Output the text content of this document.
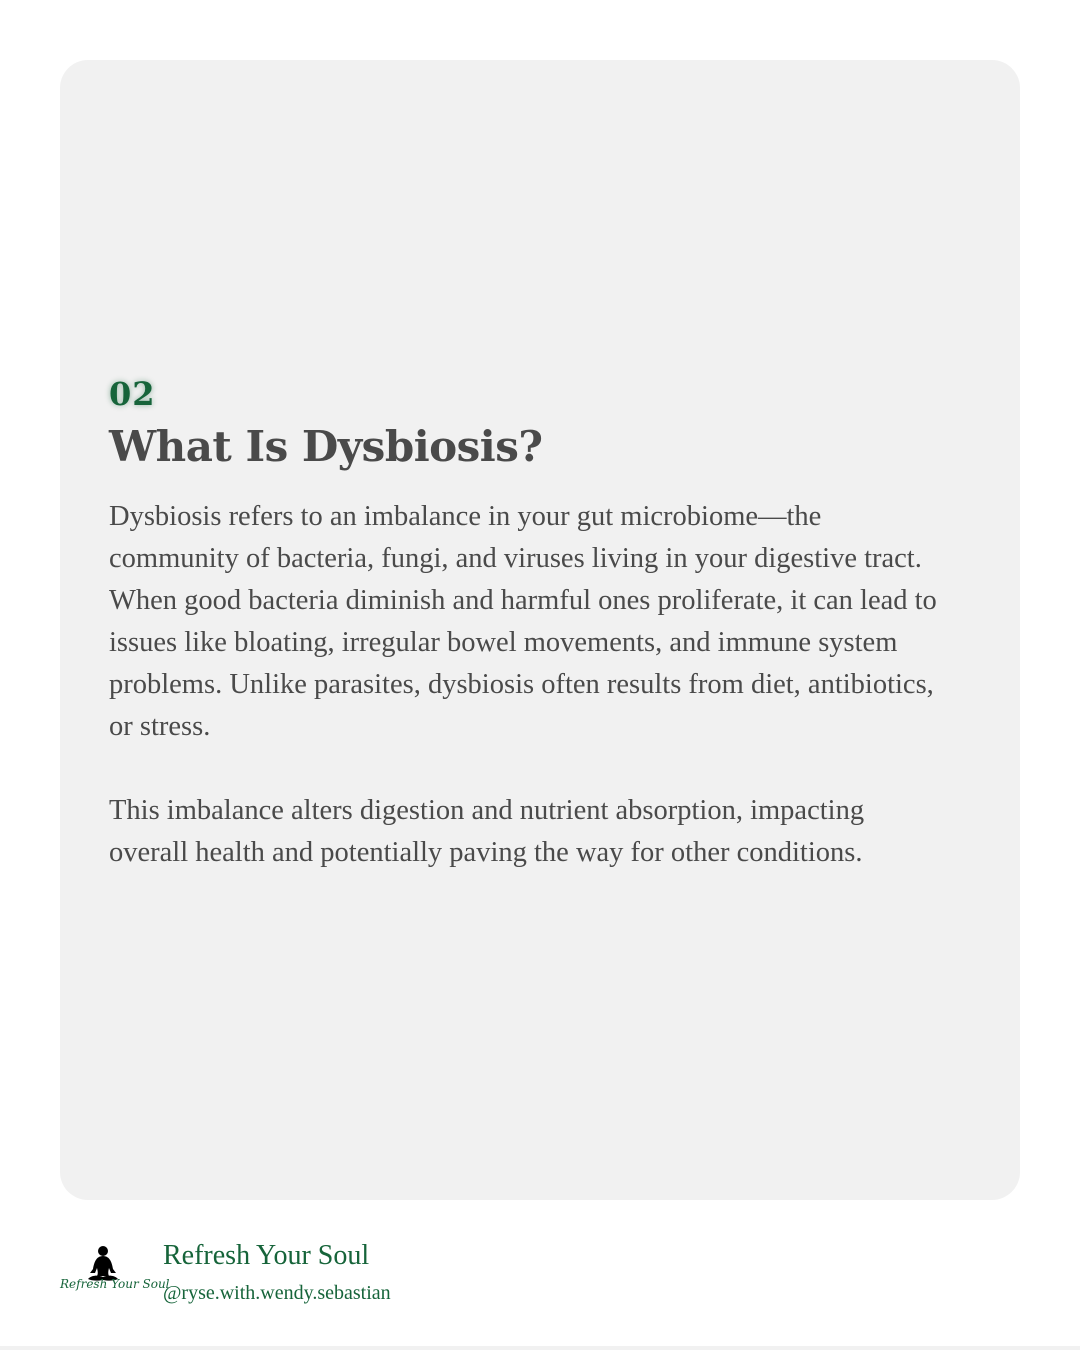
02
What Is Dysbiosis?

Dysbiosis refers to an imbalance in your gut microbiome—the community of bacteria, fungi, and viruses living in your digestive tract. When good bacteria diminish and harmful ones proliferate, it can lead to issues like bloating, irregular bowel movements, and immune system problems. Unlike parasites, dysbiosis often results from diet, antibiotics, or stress.

This imbalance alters digestion and nutrient absorption, impacting overall health and potentially paving the way for other conditions.

Refresh Your Soul
Refresh Your Soul
@ryse.with.wendy.sebastian
